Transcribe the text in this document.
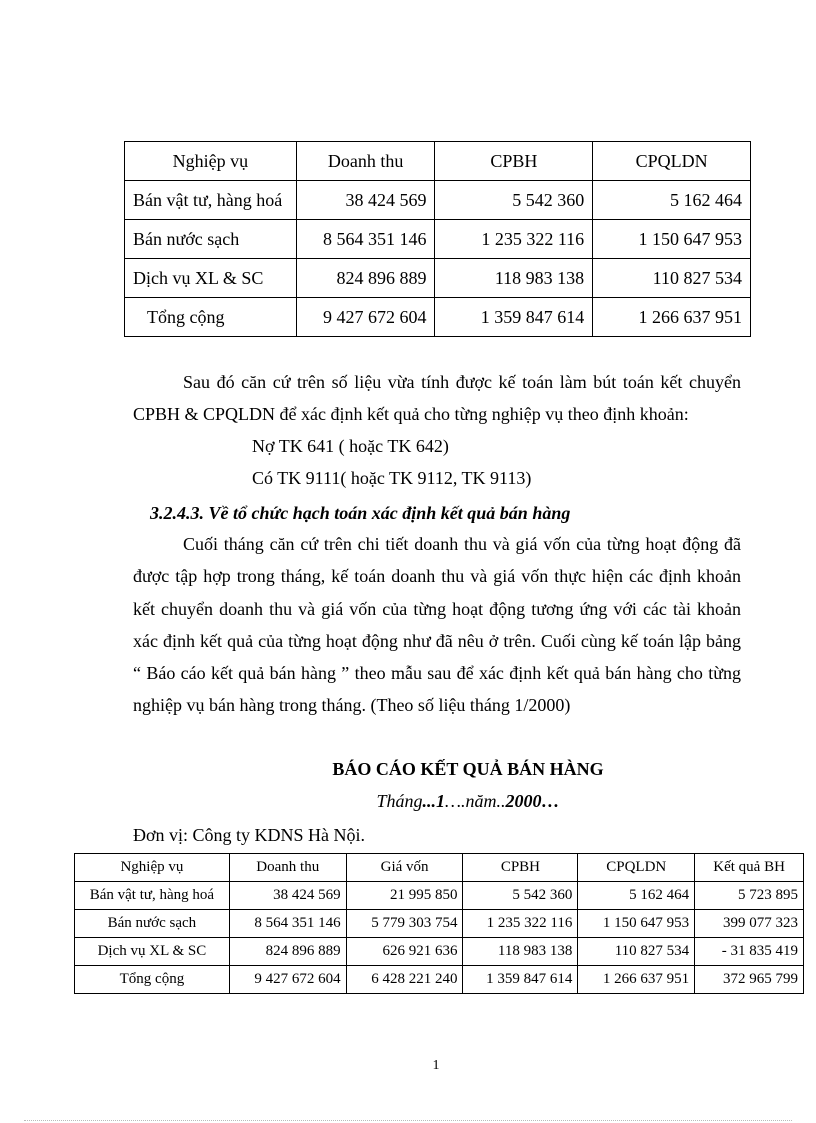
Nghiệp vụ	Doanh thu	CPBH	CPQLDN
Bán vật tư, hàng hoá	38 424 569	5 542 360	5 162 464
Bán nước sạch	8 564 351 146	1 235 322 116	1 150 647 953
Dịch vụ XL & SC	824 896 889	118 983 138	110 827 534
Tổng cộng	9 427 672 604	1 359 847 614	1 266 637 951
Sau đó căn cứ trên số liệu vừa tính được kế toán làm bút toán kết chuyển CPBH & CPQLDN để xác định kết quả cho từng nghiệp vụ theo định khoản:
Nợ TK 641 ( hoặc TK 642)
Có TK 9111( hoặc TK 9112, TK 9113)
3.2.4.3. Về tổ chức hạch toán xác định kết quả bán hàng
Cuối tháng căn cứ trên chi tiết doanh thu và giá vốn của từng hoạt động đã được tập hợp trong tháng, kế toán doanh thu và giá vốn thực hiện các định khoản kết chuyển doanh thu và giá vốn của từng hoạt động tương ứng với các tài khoản xác định kết quả của từng hoạt động như đã nêu ở trên. Cuối cùng kế toán lập bảng “ Báo cáo kết quả bán hàng ” theo mẫu sau để xác định kết quả bán hàng cho từng nghiệp vụ bán hàng trong tháng. (Theo số liệu tháng 1/2000)
BÁO CÁO KẾT QUẢ BÁN HÀNG
Tháng...1….năm..2000…
Đơn vị: Công ty KDNS Hà Nội.
Nghiệp vụ	Doanh thu	Giá vốn	CPBH	CPQLDN	Kết quả BH
Bán vật tư, hàng hoá	38 424 569	21 995 850	5 542 360	5 162 464	5 723 895
Bán nước sạch	8 564 351 146	5 779 303 754	1 235 322 116	1 150 647 953	399 077 323
Dịch vụ XL & SC	824 896 889	626 921 636	118 983 138	110 827 534	- 31 835 419
Tổng cộng	9 427 672 604	6 428 221 240	1 359 847 614	1 266 637 951	372 965 799
1
